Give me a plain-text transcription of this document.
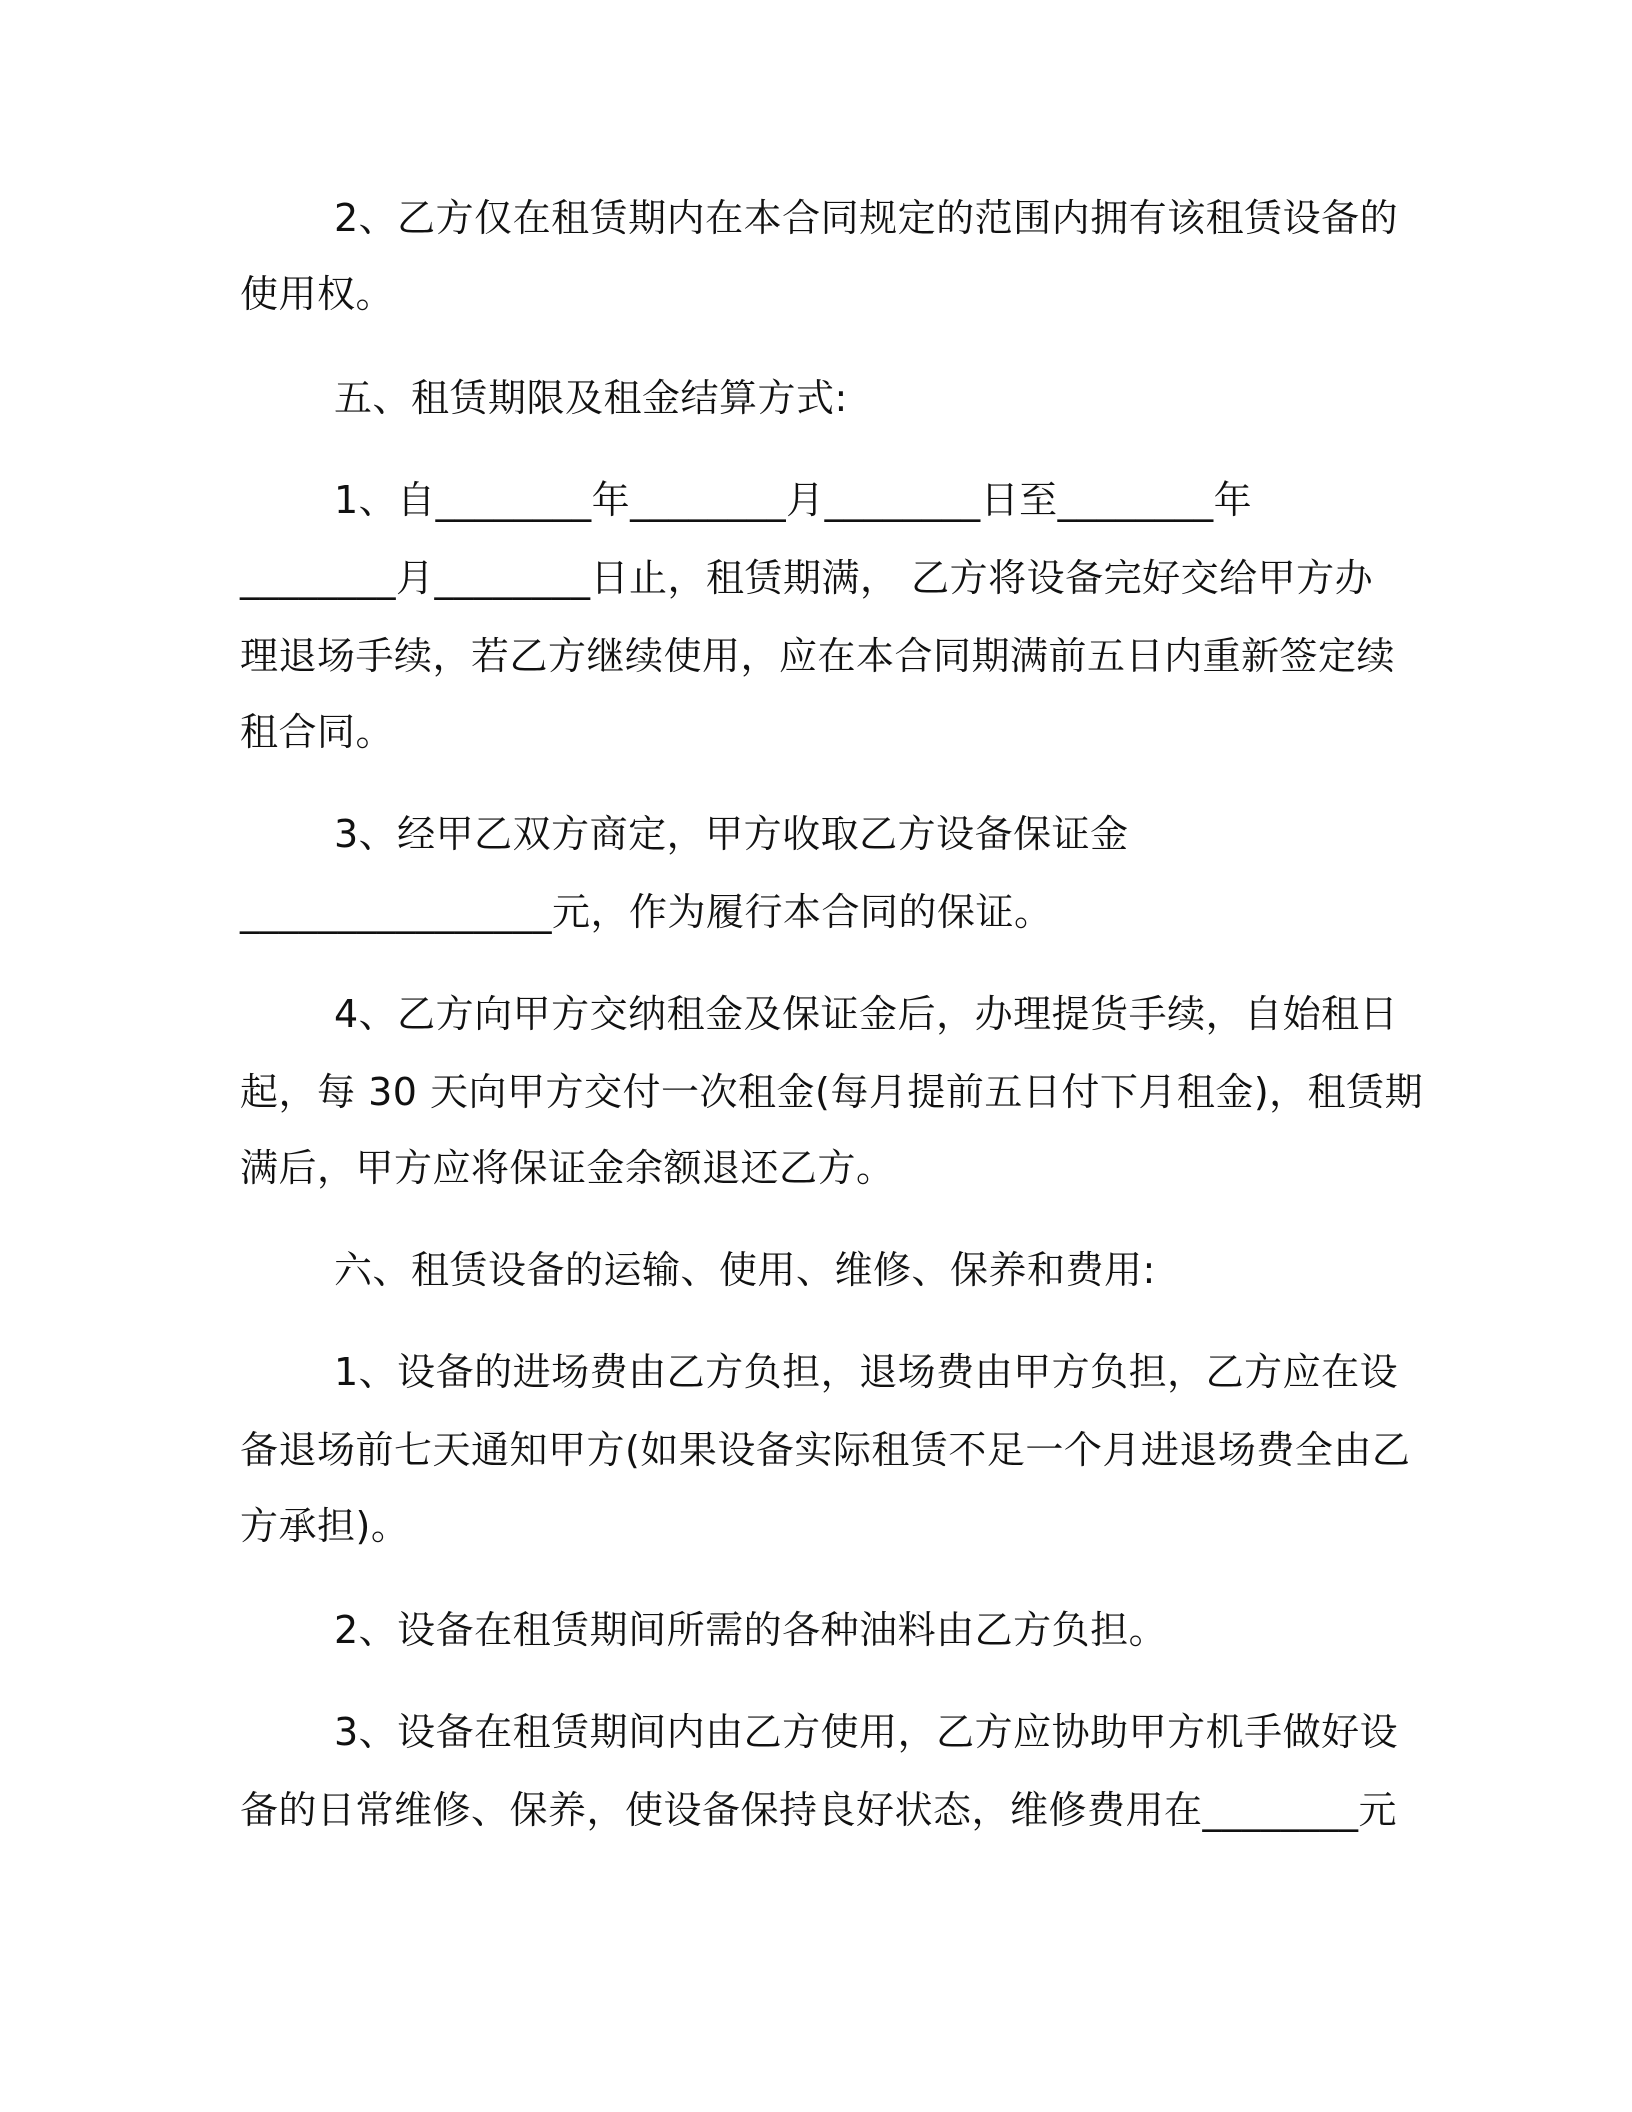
2、乙方仅在租赁期内在本合同规定的范围内拥有该租赁设备的
使用权。
五、租赁期限及租金结算方式:
1、自________年________月________日至________年
________月________日止，租赁期满， 乙方将设备完好交给甲方办
理退场手续，若乙方继续使用，应在本合同期满前五日内重新签定续
租合同。
3、经甲乙双方商定，甲方收取乙方设备保证金
________________元，作为履行本合同的保证。
4、乙方向甲方交纳租金及保证金后，办理提货手续，自始租日
起，每 30 天向甲方交付一次租金(每月提前五日付下月租金)，租赁期
满后，甲方应将保证金余额退还乙方。
六、租赁设备的运输、使用、维修、保养和费用:
1、设备的进场费由乙方负担，退场费由甲方负担，乙方应在设
备退场前七天通知甲方(如果设备实际租赁不足一个月进退场费全由乙
方承担)。
2、设备在租赁期间所需的各种油料由乙方负担。
3、设备在租赁期间内由乙方使用，乙方应协助甲方机手做好设
备的日常维修、保养，使设备保持良好状态，维修费用在________元
